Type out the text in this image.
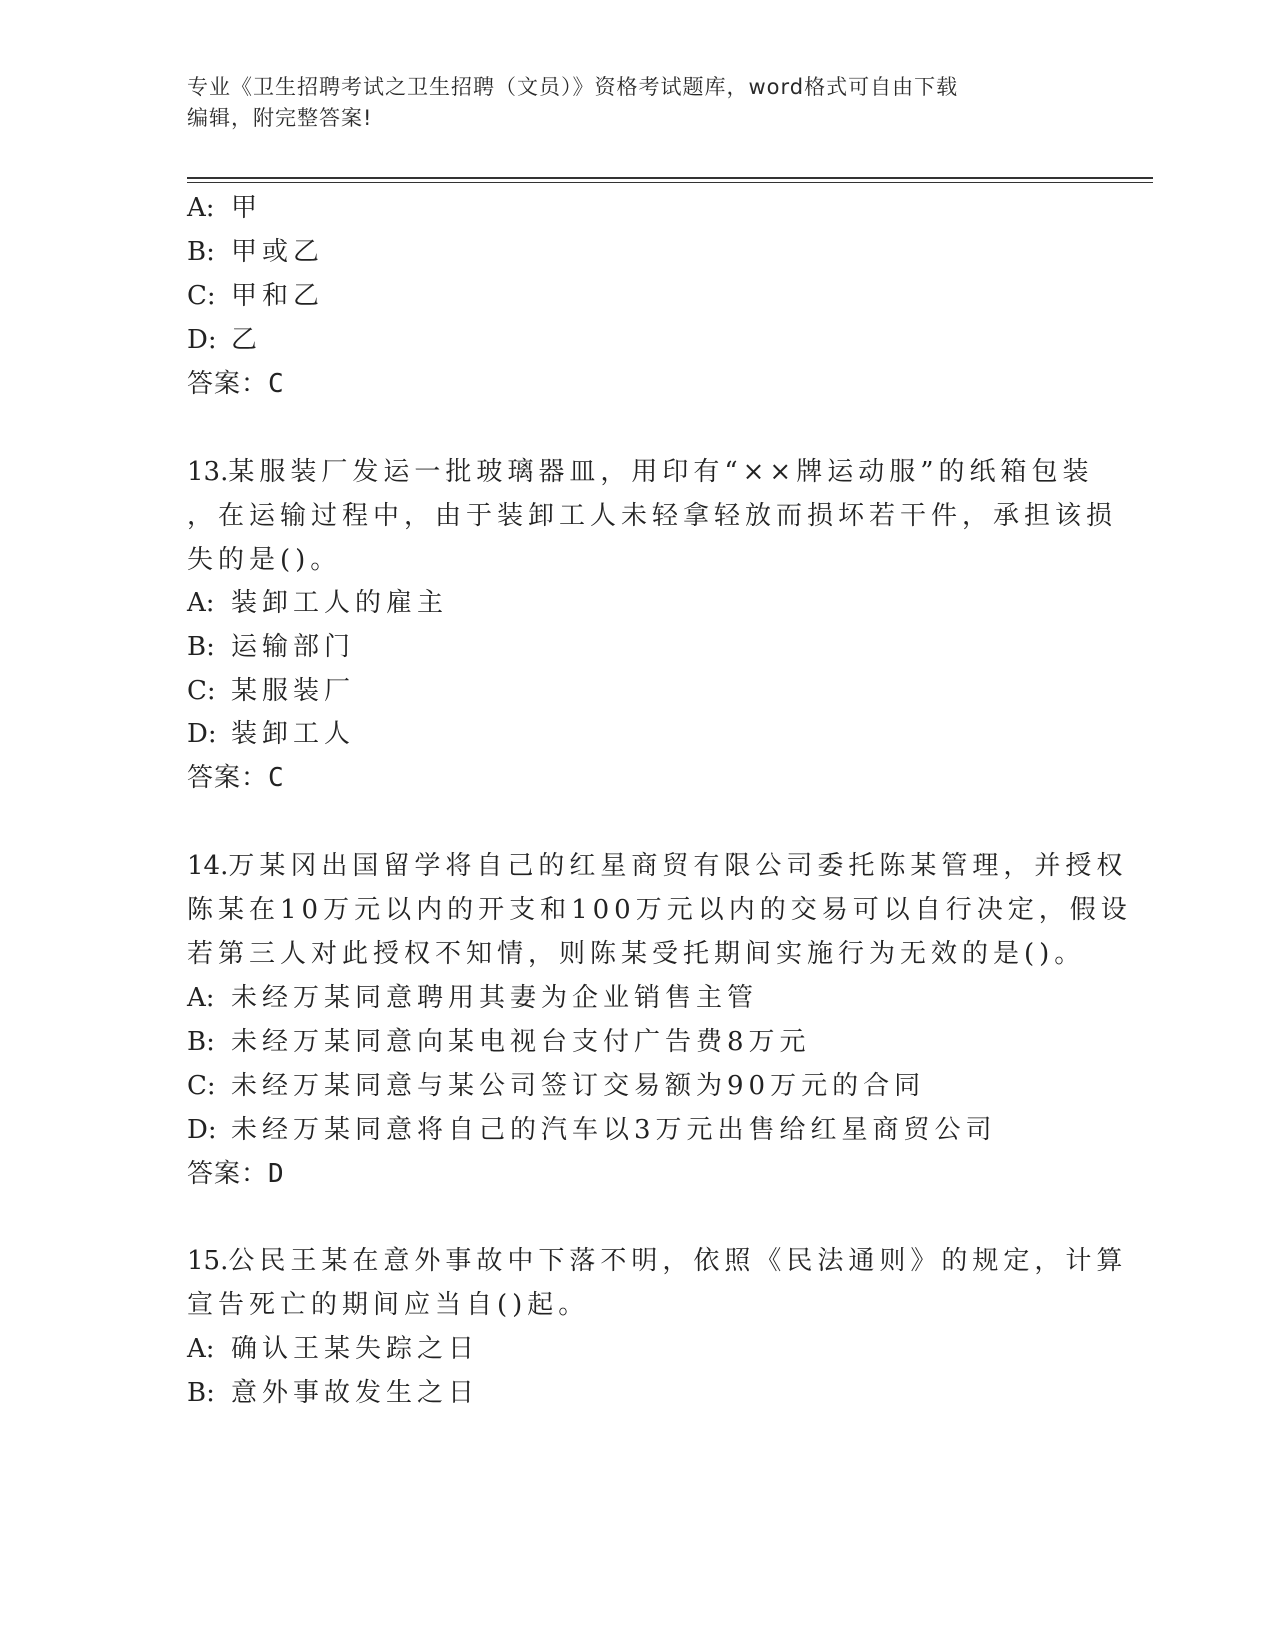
专业《卫生招聘考试之卫生招聘（文员）》资格考试题库，word格式可自由下载
编辑，附完整答案!
A: 甲
B: 甲或乙
C: 甲和乙
D: 乙
答案：C
13.某服装厂发运一批玻璃器皿，用印有“××牌运动服”的纸箱包装
，在运输过程中，由于装卸工人未轻拿轻放而损坏若干件，承担该损
失的是()。
A: 装卸工人的雇主
B: 运输部门
C: 某服装厂
D: 装卸工人
答案：C
14.万某冈出国留学将自己的红星商贸有限公司委托陈某管理，并授权
陈某在10万元以内的开支和100万元以内的交易可以自行决定，假设
若第三人对此授权不知情，则陈某受托期间实施行为无效的是()。
A: 未经万某同意聘用其妻为企业销售主管
B: 未经万某同意向某电视台支付广告费8万元
C: 未经万某同意与某公司签订交易额为90万元的合同
D: 未经万某同意将自己的汽车以3万元出售给红星商贸公司
答案：D
15.公民王某在意外事故中下落不明，依照《民法通则》的规定，计算
宣告死亡的期间应当自()起。
A: 确认王某失踪之日
B: 意外事故发生之日
